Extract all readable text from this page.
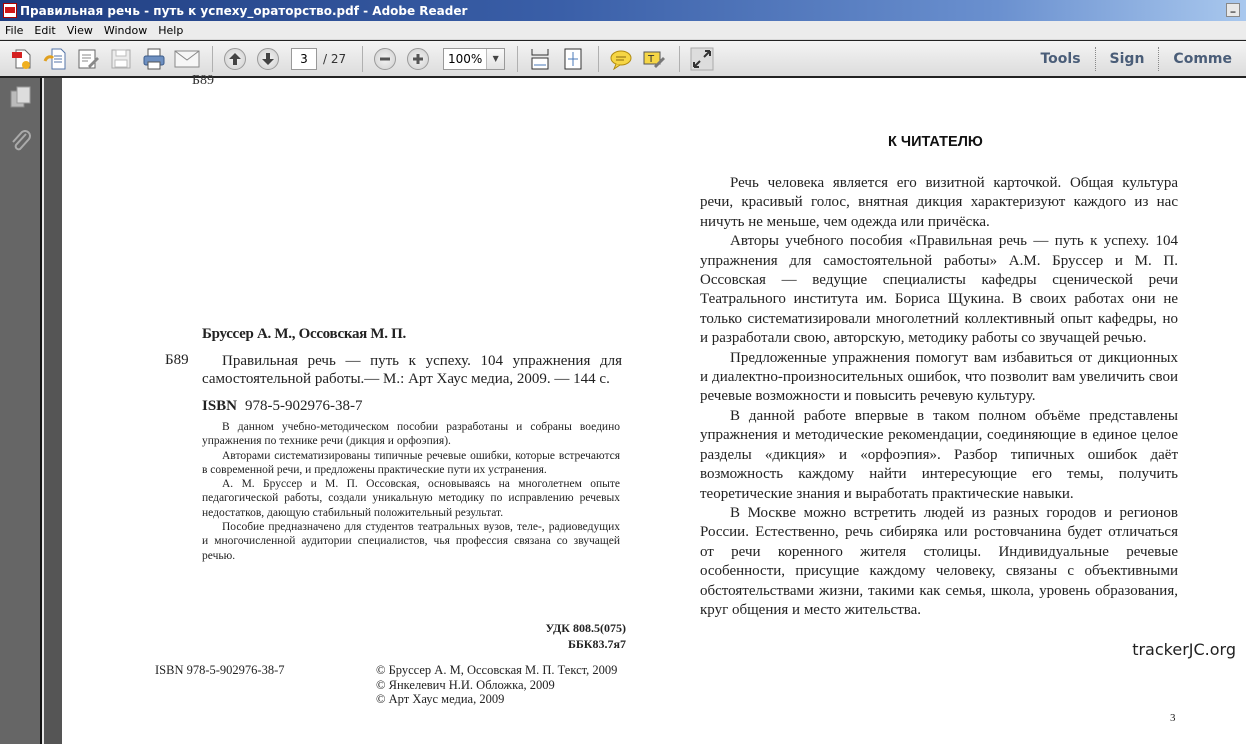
Правильная речь - путь к успеху_ораторство.pdf - Adobe Reader	_
File Edit View Window Help
3	/ 27	100%	▼	T	Tools	Sign	Comme
Б89
Бруссер А. М., Оссовская М. П.
Б89	Правильная речь — путь к успеху. 104 упражнения для самостоятельной работы.— М.: Арт Хаус медиа, 2009. — 144 с.
ISBN 978-5-902976-38-7

В данном учебно-методическом пособии разработаны и собраны воедино упражнения по технике речи (дикция и орфоэпия).

Авторами систематизированы типичные речевые ошибки, которые встречаются в современной речи, и предложены практические пути их устранения.

А. М. Бруссер и М. П. Оссовская, основываясь на многолетнем опыте педагогической работы, создали уникальную методику по исправлению речевых недостатков, дающую стабильный положительный результат.

Пособие предназначено для студентов театральных вузов, теле-, радиоведущих и многочисленной аудитории специалистов, чья профессия связана со звучащей речью.

УДК 808.5(075)
ББК83.7я7
ISBN 978-5-902976-38-7	© Бруссер А. М, Оссовская М. П. Текст, 2009
© Янкелевич Н.И. Обложка, 2009
© Арт Хаус медиа, 2009
К ЧИТАТЕЛЮ

Речь человека является его визитной карточкой. Общая культура речи, красивый голос, внятная дикция характеризуют каждого из нас ничуть не меньше, чем одежда или причёска.

Авторы учебного пособия «Правильная речь — путь к успеху. 104 упражнения для самостоятельной работы» А.М. Бруссер и М. П. Оссовская — ведущие специалисты кафедры сценической речи Театрального института им. Бориса Щукина. В своих работах они не только систематизировали многолетний коллективный опыт кафедры, но и разработали свою, авторскую, методику работы со звучащей речью.

Предложенные упражнения помогут вам избавиться от дикционных и диалектно-произносительных ошибок, что позволит вам увеличить свои речевые возможности и повысить речевую культуру.

В данной работе впервые в таком полном объёме представлены упражнения и методические рекомендации, соединяющие в единое целое разделы «дикция» и «орфоэпия». Разбор типичных ошибок даёт возможность каждому найти интересующие его темы, получить теоретические знания и выработать практические навыки.

В Москве можно встретить людей из разных городов и регионов России. Естественно, речь сибиряка или ростовчанина будет отличаться от речи коренного жителя столицы. Индивидуальные речевые особенности, присущие каждому человеку, связаны с объективными обстоятельствами жизни, такими как семья, школа, уровень образования, круг общения и место жительства.

3
trackerJC.org
